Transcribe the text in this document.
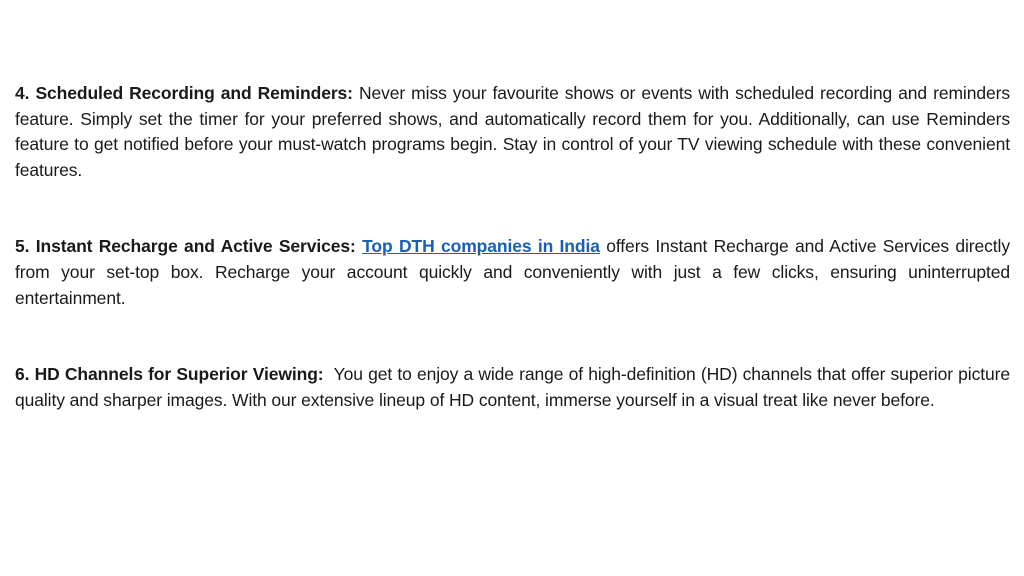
4. Scheduled Recording and Reminders: Never miss your favourite shows or events with scheduled recording and reminders feature. Simply set the timer for your preferred shows, and automatically record them for you. Additionally, can use Reminders feature to get notified before your must-watch programs begin. Stay in control of your TV viewing schedule with these convenient features.

5. Instant Recharge and Active Services: Top DTH companies in India offers Instant Recharge and Active Services directly from your set-top box. Recharge your account quickly and conveniently with just a few clicks, ensuring uninterrupted entertainment.

6. HD Channels for Superior Viewing:  You get to enjoy a wide range of high-definition (HD) channels that offer superior picture quality and sharper images. With our extensive lineup of HD content, immerse yourself in a visual treat like never before.
